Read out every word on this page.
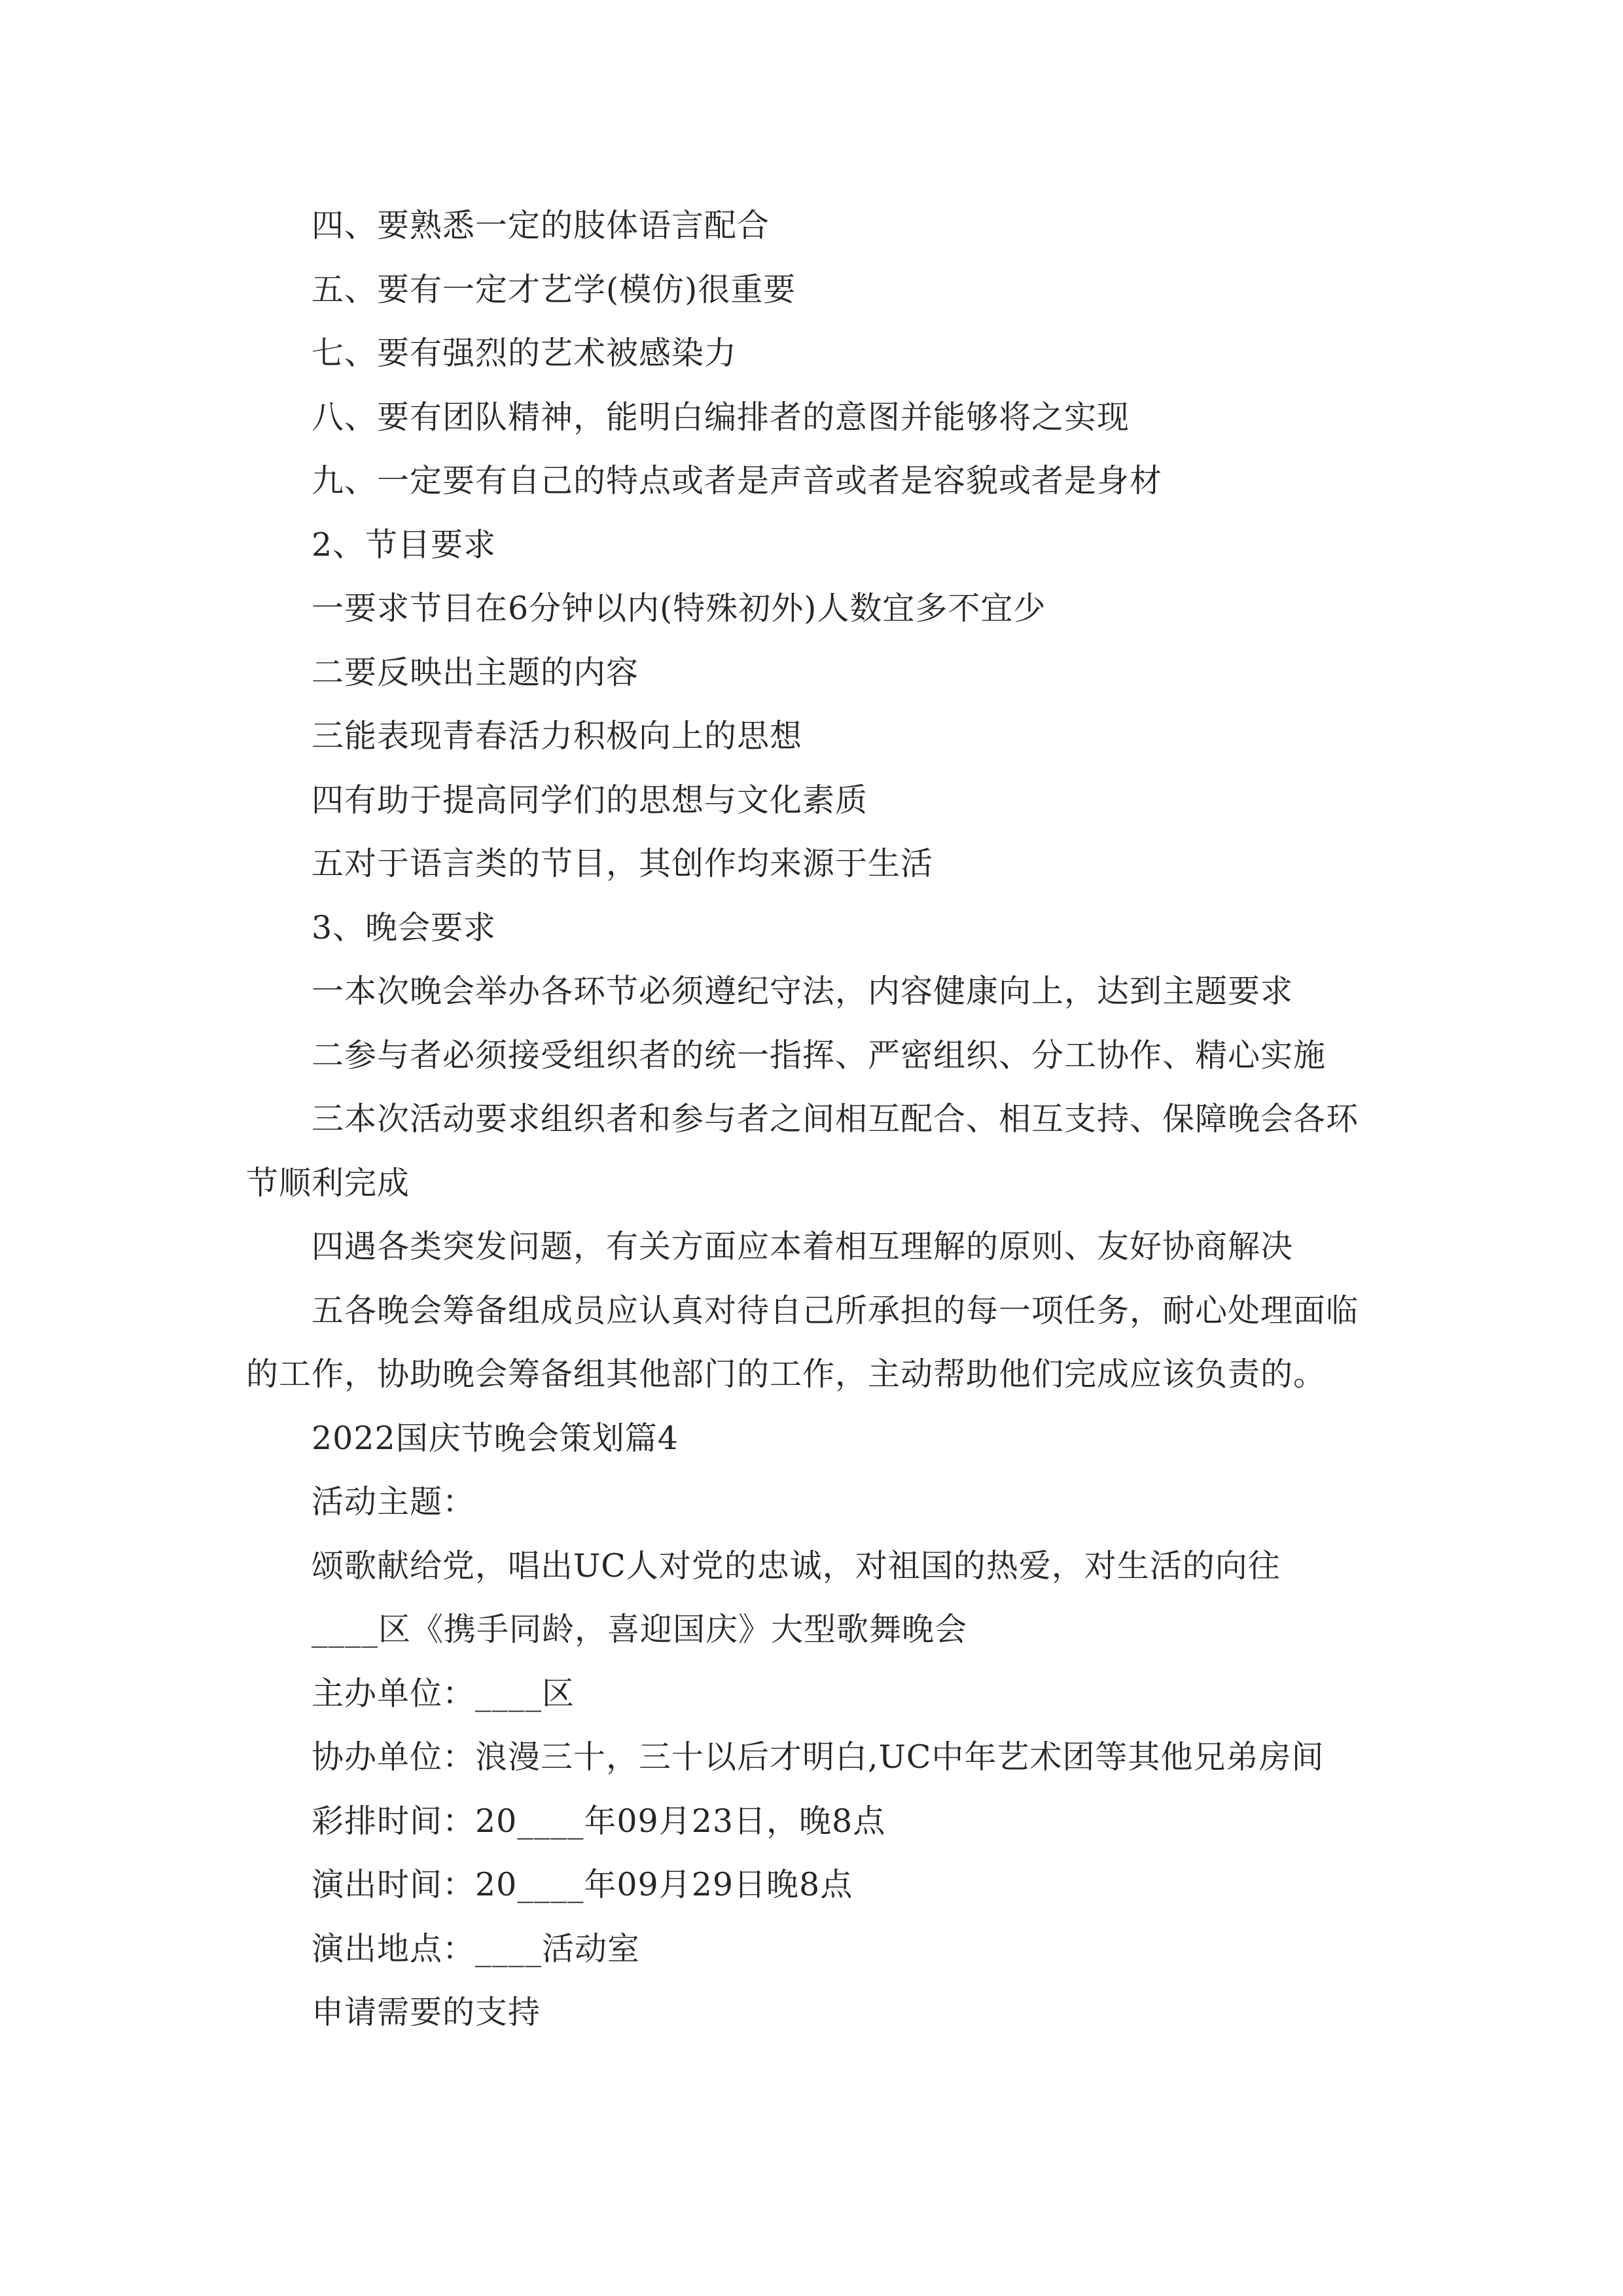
四、要熟悉一定的肢体语言配合

五、要有一定才艺学(模仿)很重要

七、要有强烈的艺术被感染力

八、要有团队精神，能明白编排者的意图并能够将之实现

九、一定要有自己的特点或者是声音或者是容貌或者是身材

2、节目要求

一要求节目在6分钟以内(特殊初外)人数宜多不宜少

二要反映出主题的内容

三能表现青春活力积极向上的思想

四有助于提高同学们的思想与文化素质

五对于语言类的节目，其创作均来源于生活

3、晚会要求

一本次晚会举办各环节必须遵纪守法，内容健康向上，达到主题要求

二参与者必须接受组织者的统一指挥、严密组织、分工协作、精心实施

三本次活动要求组织者和参与者之间相互配合、相互支持、保障晚会各环节顺利完成

四遇各类突发问题，有关方面应本着相互理解的原则、友好协商解决

五各晚会筹备组成员应认真对待自己所承担的每一项任务，耐心处理面临的工作，协助晚会筹备组其他部门的工作，主动帮助他们完成应该负责的。

2022国庆节晚会策划篇4

活动主题：

颂歌献给党，唱出UC人对党的忠诚，对祖国的热爱，对生活的向往

____区《携手同龄，喜迎国庆》大型歌舞晚会

主办单位：____区

协办单位：浪漫三十，三十以后才明白,UC中年艺术团等其他兄弟房间

彩排时间：20____年09月23日，晚8点

演出时间：20____年09月29日晚8点

演出地点：____活动室

申请需要的支持
